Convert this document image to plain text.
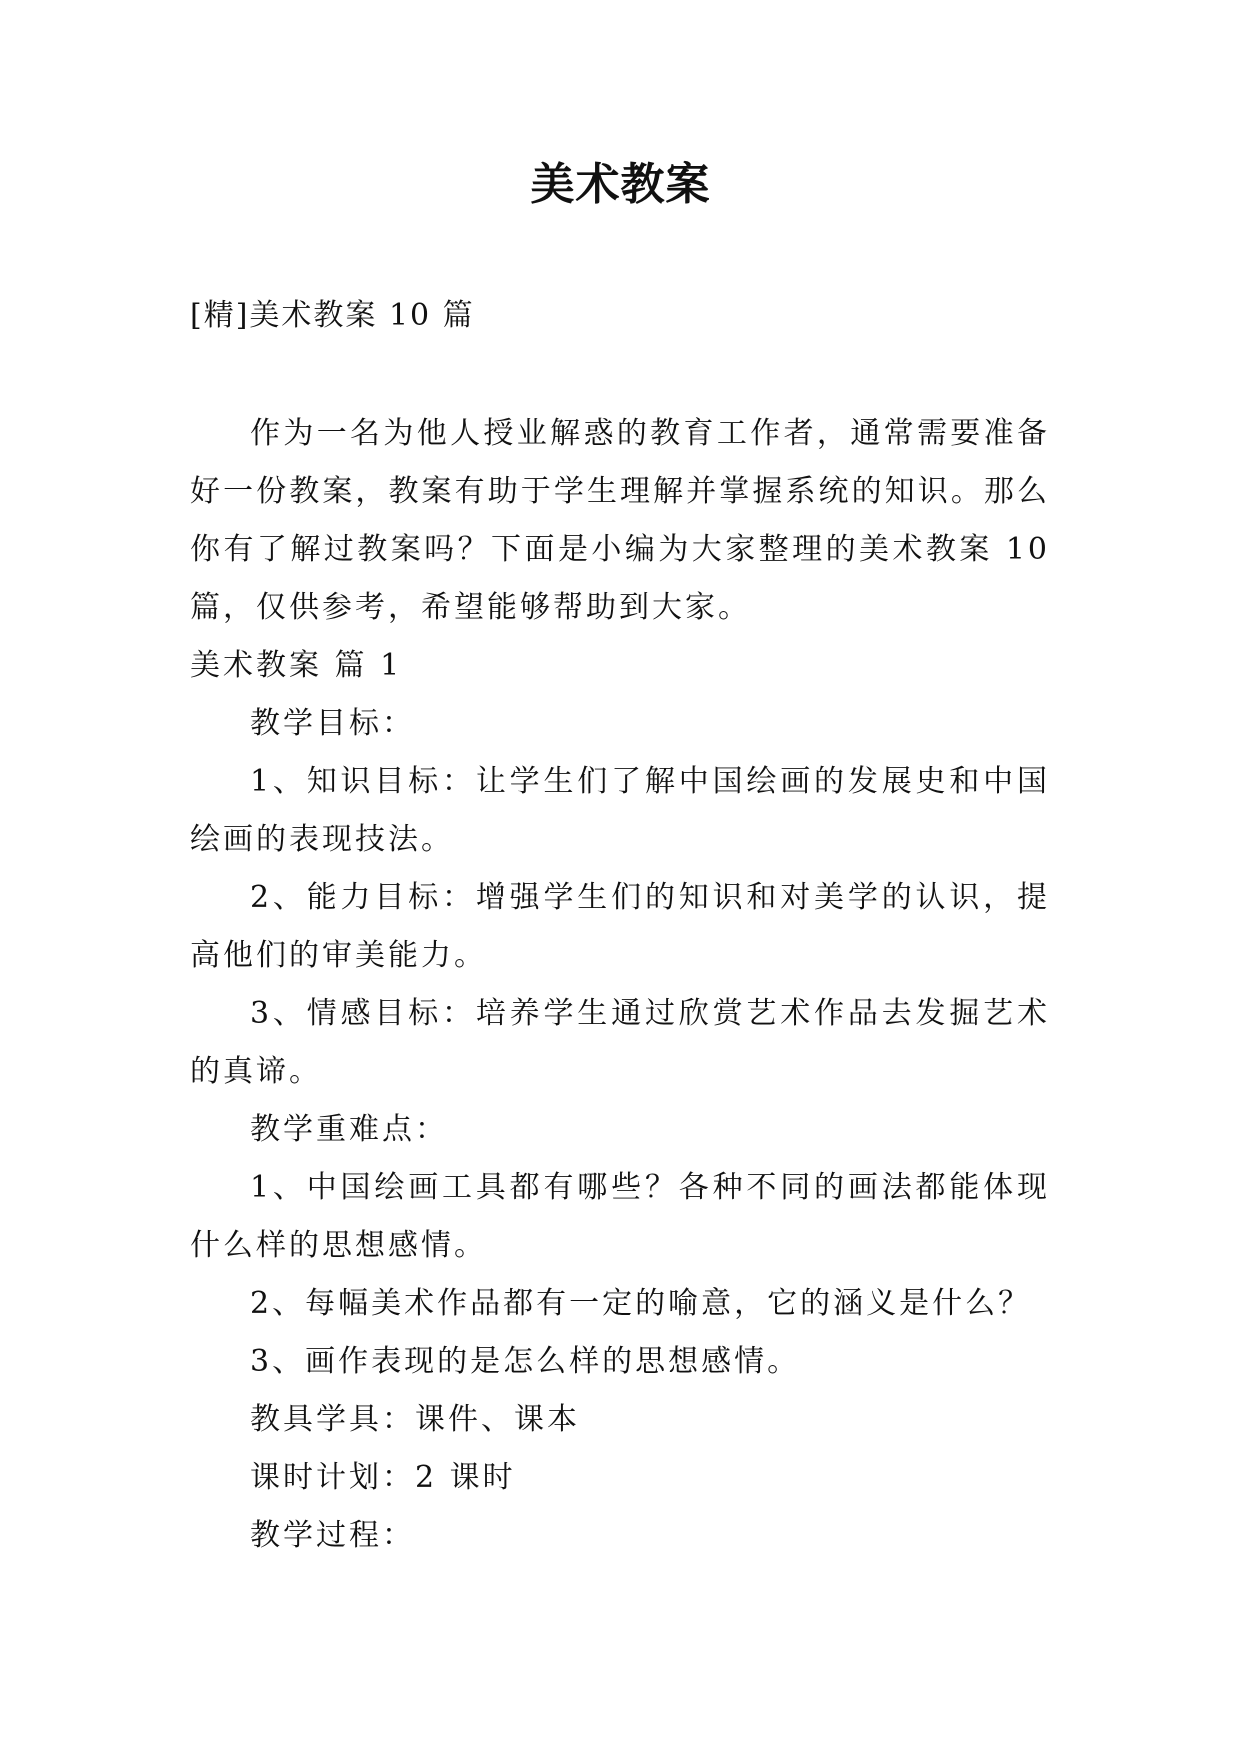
美术教案
[精]美术教案 10 篇

作为一名为他人授业解惑的教育工作者，通常需要准备好一份教案，教案有助于学生理解并掌握系统的知识。那么你有了解过教案吗？下面是小编为大家整理的美术教案 10 篇，仅供参考，希望能够帮助到大家。

美术教案 篇 1

教学目标：

1、知识目标：让学生们了解中国绘画的发展史和中国绘画的表现技法。

2、能力目标：增强学生们的知识和对美学的认识，提高他们的审美能力。

3、情感目标：培养学生通过欣赏艺术作品去发掘艺术的真谛。

教学重难点：

1、中国绘画工具都有哪些？各种不同的画法都能体现什么样的思想感情。

2、每幅美术作品都有一定的喻意，它的涵义是什么？

3、画作表现的是怎么样的思想感情。

教具学具：课件、课本

课时计划：2 课时

教学过程：
